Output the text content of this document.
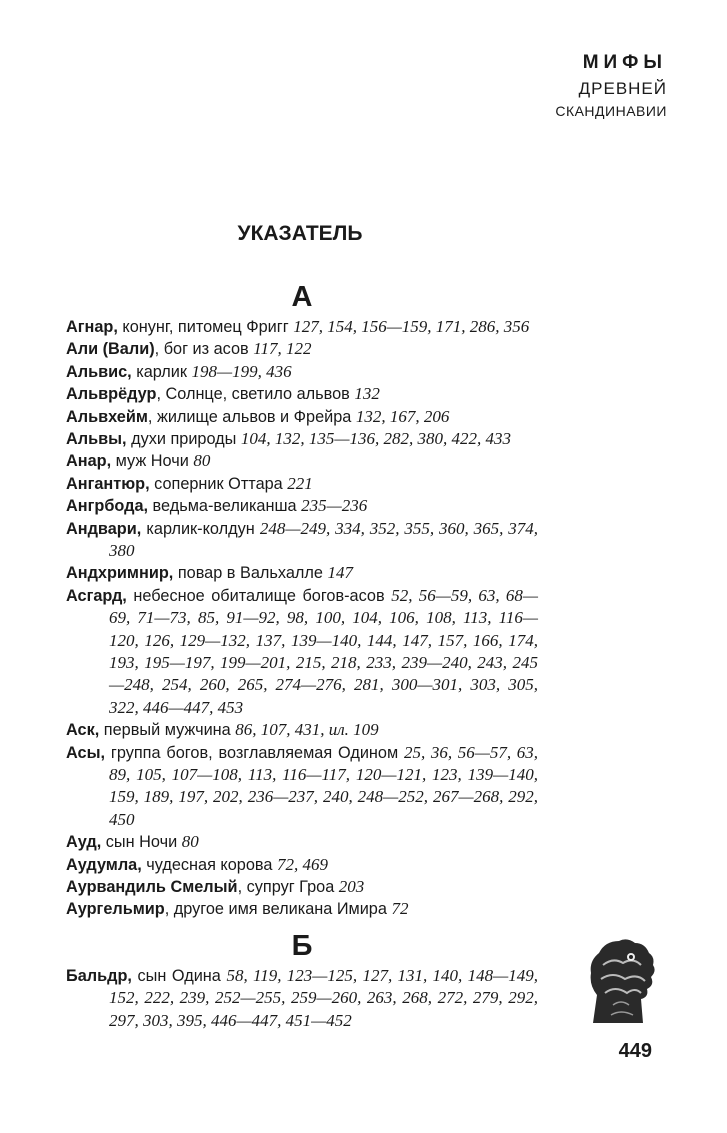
МИФЫ
ДРЕВНЕЙ
СКАНДИНАВИИ
УКАЗАТЕЛЬ
А
Агнар, конунг, питомец Фригг 127, 154, 156—159, 171, 286, 356
Али (Вали), бог из асов 117, 122
Альвис, карлик 198—199, 436
Альврёдур, Солнце, светило альвов 132
Альвхейм, жилище альвов и Фрейра 132, 167, 206
Альвы, духи природы 104, 132, 135—136, 282, 380, 422, 433
Анар, муж Ночи 80
Ангантюр, соперник Оттара 221
Ангрбода, ведьма-великанша 235—236
Андвари, карлик-колдун 248—249, 334, 352, 355, 360, 365, 374, 380
Андхримнир, повар в Вальхалле 147
Асгард, небесное обиталище богов-асов 52, 56—59, 63, 68—69, 71—73, 85, 91—92, 98, 100, 104, 106, 108, 113, 116—120, 126, 129—132, 137, 139—140, 144, 147, 157, 166, 174, 193, 195—197, 199—201, 215, 218, 233, 239—240, 243, 245—248, 254, 260, 265, 274—276, 281, 300—301, 303, 305, 322, 446—447, 453
Аск, первый мужчина 86, 107, 431, ил. 109
Асы, группа богов, возглавляемая Одином 25, 36, 56—57, 63, 89, 105, 107—108, 113, 116—117, 120—121, 123, 139—140, 159, 189, 197, 202, 236—237, 240, 248—252, 267—268, 292, 450
Ауд, сын Ночи 80
Аудумла, чудесная корова 72, 469
Аурвандиль Смелый, супруг Гроа 203
Аургельмир, другое имя великана Имира 72
Б
Бальдр, сын Одина 58, 119, 123—125, 127, 131, 140, 148—149, 152, 222, 239, 252—255, 259—260, 263, 268, 272, 279, 292, 297, 303, 395, 446—447, 451—452
449
